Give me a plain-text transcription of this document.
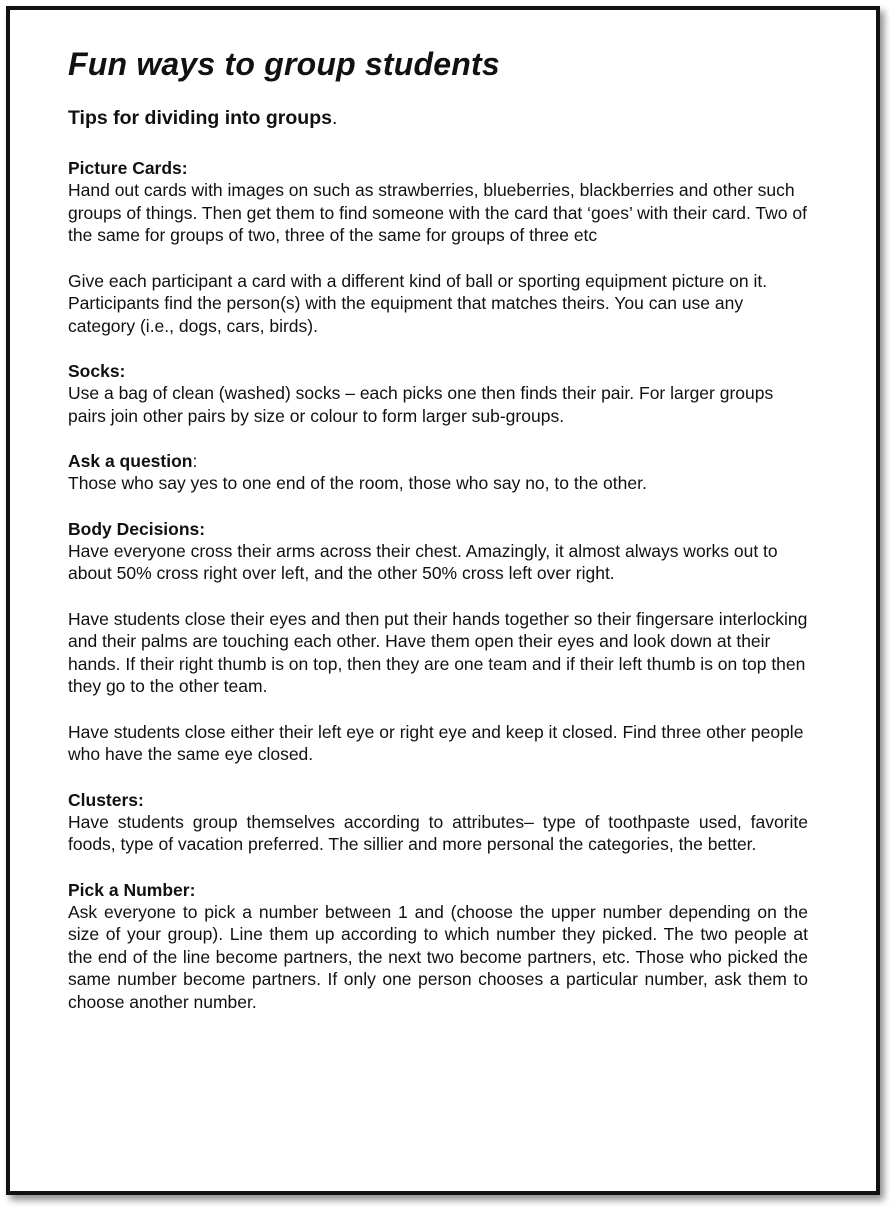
Fun ways to group students
Tips for dividing into groups.
Picture Cards:

Hand out cards with images on such as strawberries, blueberries, blackberries and other such groups of things. Then get them to find someone with the card that ‘goes’ with their card. Two of the same for groups of two, three of the same for groups of three etc

Give each participant a card with a different kind of ball or sporting equipment picture on it. Participants find the person(s) with the equipment that matches theirs. You can use any category (i.e., dogs, cars, birds).

Socks:

Use a bag of clean (washed) socks – each picks one then finds their pair. For larger groups pairs join other pairs by size or colour to form larger sub-groups.

Ask a question:

Those who say yes to one end of the room, those who say no, to the other.

Body Decisions:

Have everyone cross their arms across their chest. Amazingly, it almost always works out to about 50% cross right over left, and the other 50% cross left over right.

Have students close their eyes and then put their hands together so their fingersare interlocking and their palms are touching each other. Have them open their eyes and look down at their hands. If their right thumb is on top, then they are one team and if their left thumb is on top then they go to the other team.

Have students close either their left eye or right eye and keep it closed. Find three other people who have the same eye closed.

Clusters:

Have students group themselves according to attributes– type of toothpaste used, favorite foods, type of vacation preferred. The sillier and more personal the categories, the better.

Pick a Number:

Ask everyone to pick a number between 1 and (choose the upper number depending on the size of your group). Line them up according to which number they picked. The two people at the end of the line become partners, the next two become partners, etc. Those who picked the same number become partners. If only one person chooses a particular number, ask them to choose another number.
